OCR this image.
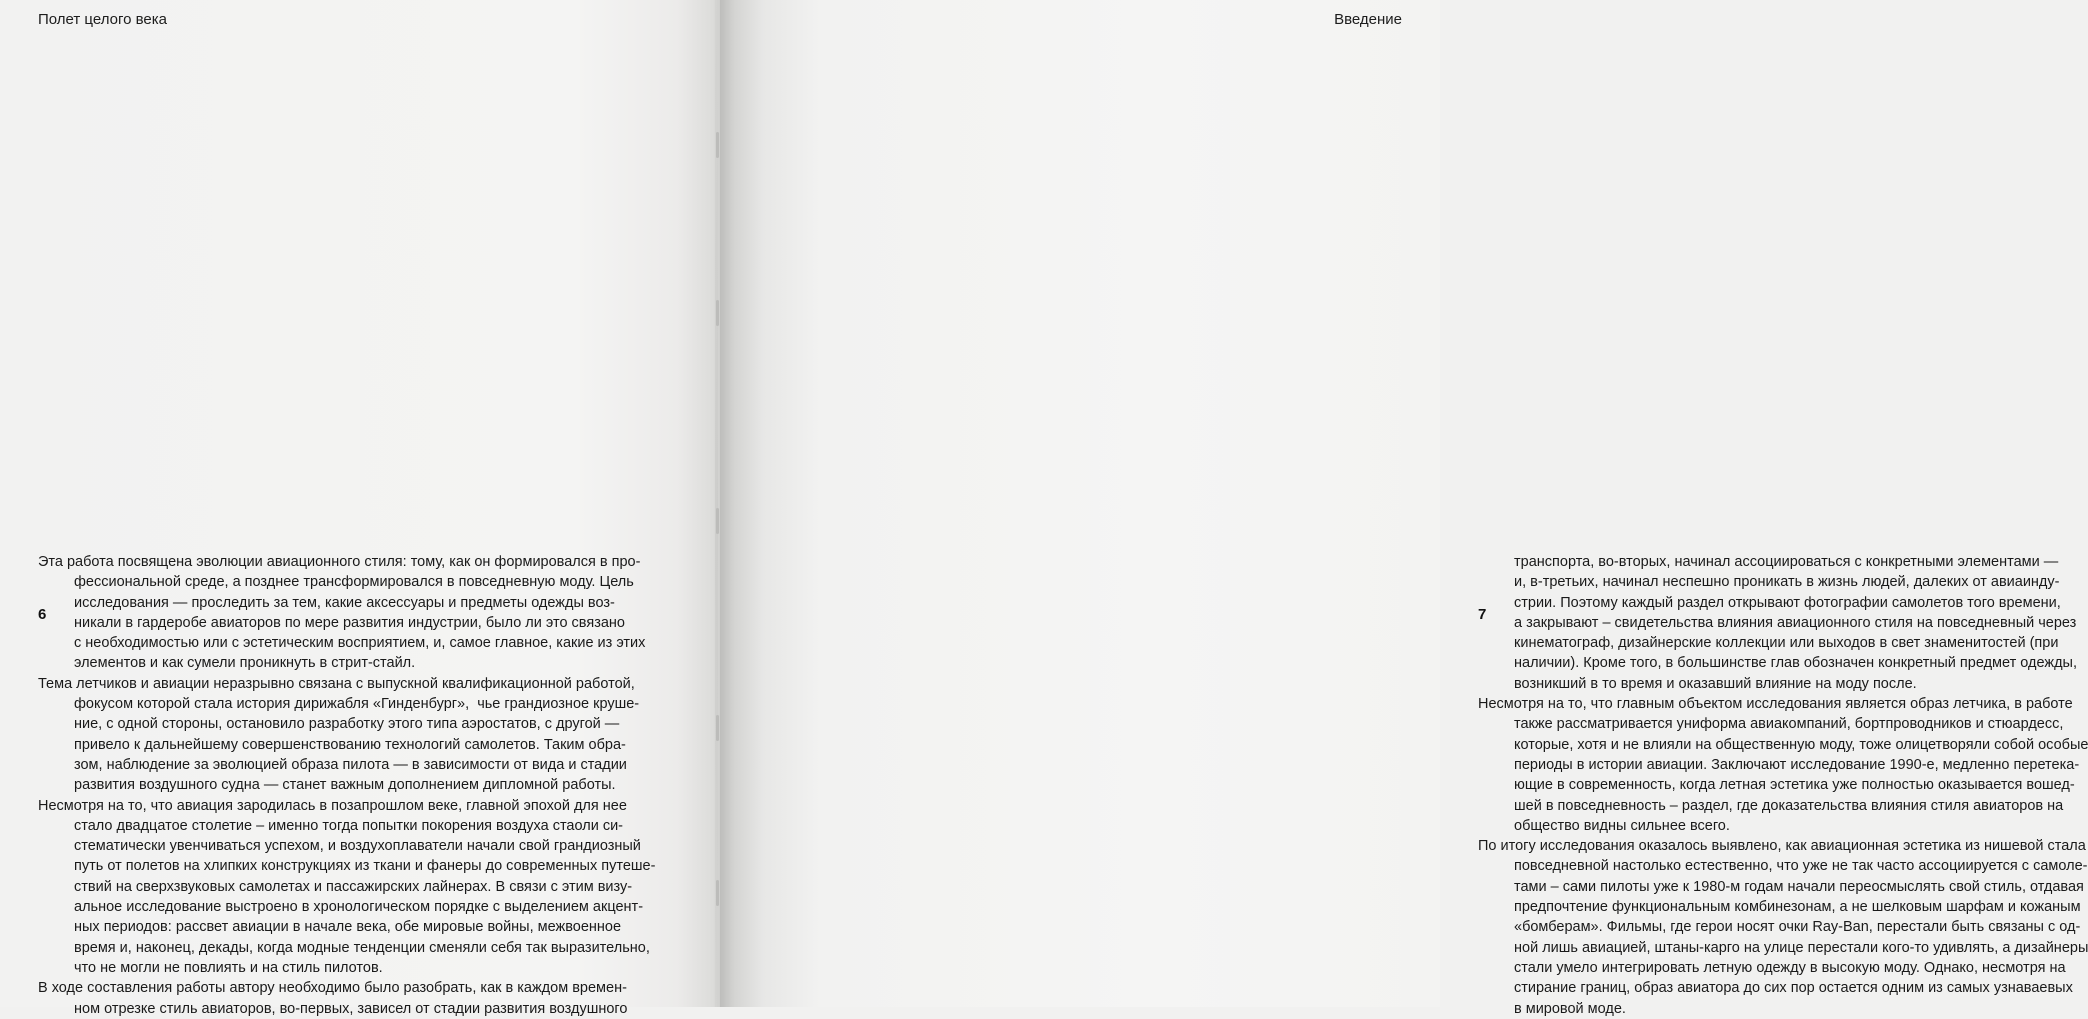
Полет целого века
6
Эта работа посвящена эволюции авиационного стиля: тому, как он формировался в про-
фессиональной среде, а позднее трансформировался в повседневную моду. Цель
исследования — проследить за тем, какие аксессуары и предметы одежды воз-
никали в гардеробе авиаторов по мере развития индустрии, было ли это связано
с необходимостью или с эстетическим восприятием, и, самое главное, какие из этих
элементов и как сумели проникнуть в стрит-стайл.
Тема летчиков и авиации неразрывно связана с выпускной квалификационной работой,
фокусом которой стала история дирижабля «Гинденбург»,  чье грандиозное круше-
ние, с одной стороны, остановило разработку этого типа аэростатов, с другой —
привело к дальнейшему совершенствованию технологий самолетов. Таким обра-
зом, наблюдение за эволюцией образа пилота — в зависимости от вида и стадии
развития воздушного судна — станет важным дополнением дипломной работы.
Несмотря на то, что авиация зародилась в позапрошлом веке, главной эпохой для нее
стало двадцатое столетие – именно тогда попытки покорения воздуха стаоли си-
стематически увенчиваться успехом, и воздухоплаватели начали свой грандиозный
путь от полетов на хлипких конструкциях из ткани и фанеры до современных путеше-
ствий на сверхзвуковых самолетах и пассажирских лайнерах. В связи с этим визу-
альное исследование выстроено в хронологическом порядке с выделением акцент-
ных периодов: рассвет авиации в начале века, обе мировые войны, межвоенное
время и, наконец, декады, когда модные тенденции сменяли себя так выразительно,
что не могли не повлиять и на стиль пилотов.
В ходе составления работы автору необходимо было разобрать, как в каждом времен-
ном отрезке стиль авиаторов, во-первых, зависел от стадии развития воздушного
Введение
7
транспорта, во-вторых, начинал ассоциироваться с конкретными элементами —
и, в-третьих, начинал неспешно проникать в жизнь людей, далеких от авиаинду-
стрии. Поэтому каждый раздел открывают фотографии самолетов того времени,
а закрывают – свидетельства влияния авиационного стиля на повседневный через
кинематограф, дизайнерские коллекции или выходов в свет знаменитостей (при
наличии). Кроме того, в большинстве глав обозначен конкретный предмет одежды,
возникший в то время и оказавший влияние на моду после.
Несмотря на то, что главным объектом исследования является образ летчика, в работе
также рассматривается униформа авиакомпаний, бортпроводников и стюардесс,
которые, хотя и не влияли на общественную моду, тоже олицетворяли собой особые
периоды в истории авиации. Заключают исследование 1990-е, медленно перетека-
ющие в современность, когда летная эстетика уже полностью оказывается вошед-
шей в повседневность – раздел, где доказательства влияния стиля авиаторов на
общество видны сильнее всего.
По итогу исследования оказалось выявлено, как авиационная эстетика из нишевой стала
повседневной настолько естественно, что уже не так часто ассоциируется с самоле-
тами – сами пилоты уже к 1980-м годам начали переосмыслять свой стиль, отдавая
предпочтение функциональным комбинезонам, а не шелковым шарфам и кожаным
«бомберам». Фильмы, где герои носят очки Ray-Ban, перестали быть связаны с од-
ной лишь авиацией, штаны-карго на улице перестали кого-то удивлять, а дизайнеры
стали умело интегрировать летную одежду в высокую моду. Однако, несмотря на
стирание границ, образ авиатора до сих пор остается одним из самых узнаваевых
в мировой моде.
